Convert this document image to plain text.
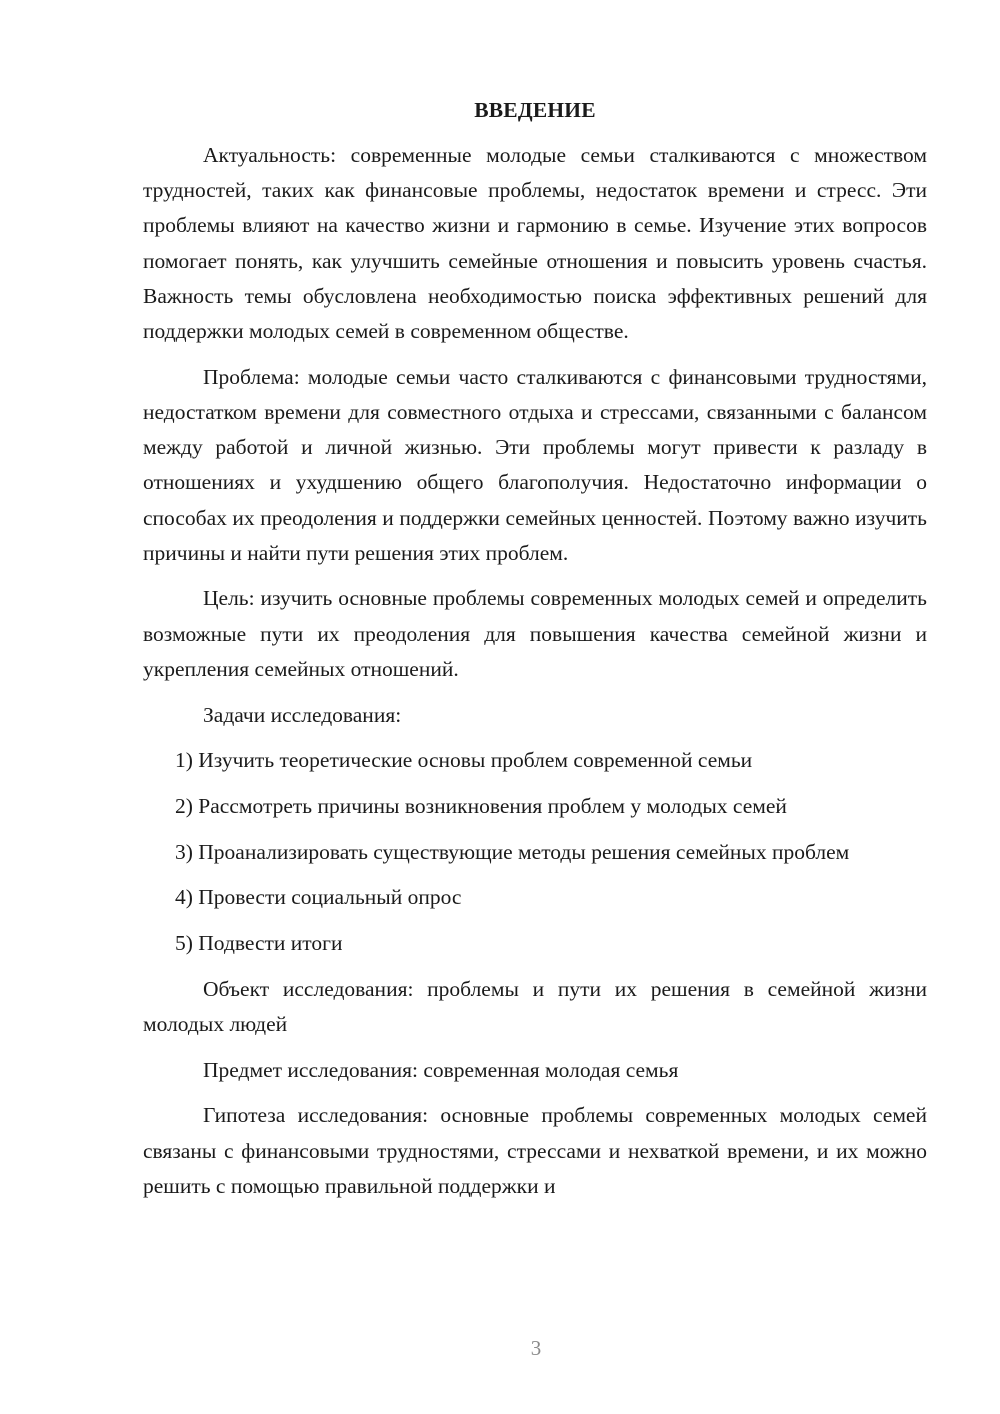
ВВЕДЕНИЕ

Актуальность: современные молодые семьи сталкиваются с множеством трудностей, таких как финансовые проблемы, недостаток времени и стресс. Эти проблемы влияют на качество жизни и гармонию в семье. Изучение этих вопросов помогает понять, как улучшить семейные отношения и повысить уровень счастья. Важность темы обусловлена необходимостью поиска эффективных решений для поддержки молодых семей в современном обществе.

Проблема: молодые семьи часто сталкиваются с финансовыми трудностями, недостатком времени для совместного отдыха и стрессами, связанными с балансом между работой и личной жизнью. Эти проблемы могут привести к разладу в отношениях и ухудшению общего благополучия. Недостаточно информации о способах их преодоления и поддержки семейных ценностей. Поэтому важно изучить причины и найти пути решения этих проблем.

Цель: изучить основные проблемы современных молодых семей и определить возможные пути их преодоления для повышения качества семейной жизни и укрепления семейных отношений.

Задачи исследования:

1) Изучить теоретические основы проблем современной семьи

2) Рассмотреть причины возникновения проблем у молодых семей

3) Проанализировать существующие методы решения семейных проблем

4) Провести социальный опрос

5) Подвести итоги

Объект исследования: проблемы и пути их решения в семейной жизни молодых людей

Предмет исследования: современная молодая семья

Гипотеза исследования: основные проблемы современных молодых семей связаны с финансовыми трудностями, стрессами и нехваткой времени, и их можно решить с помощью правильной поддержки и

3
